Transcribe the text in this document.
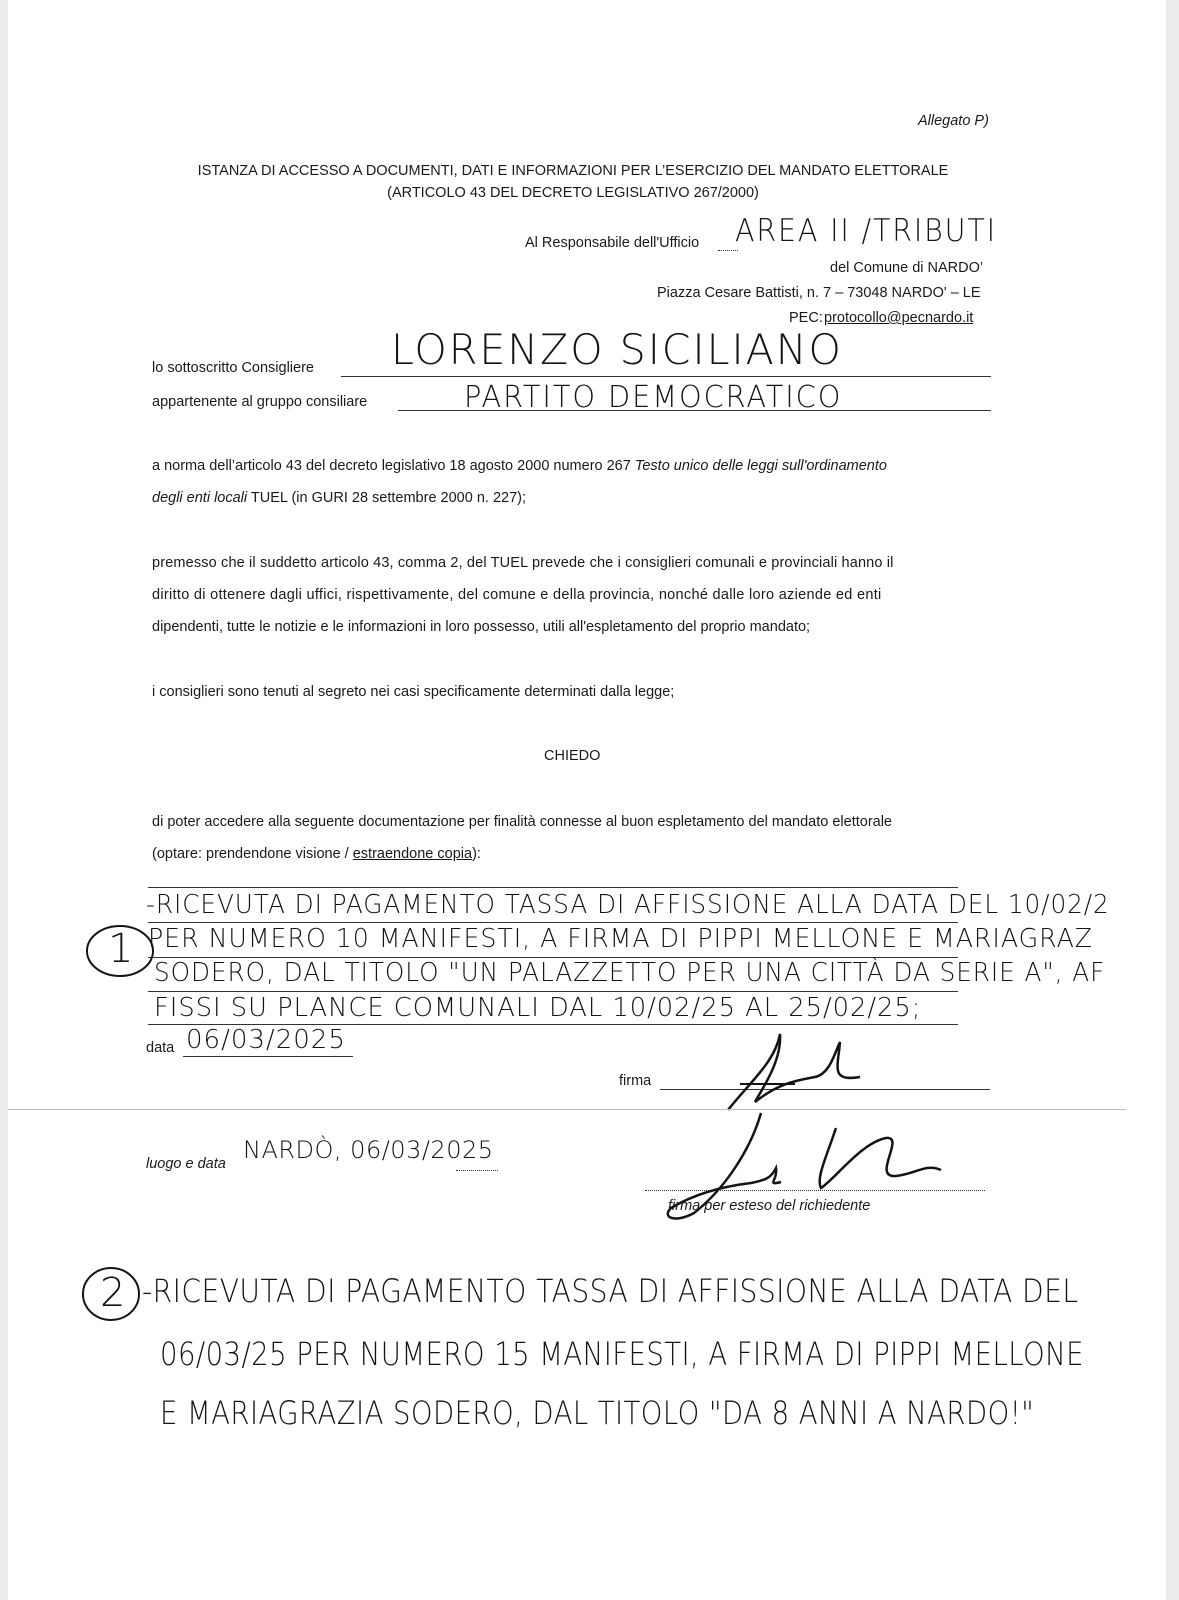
Allegato P)
ISTANZA DI ACCESSO A DOCUMENTI, DATI E INFORMAZIONI PER L’ESERCIZIO DEL MANDATO ELETTORALE
(ARTICOLO 43 DEL DECRETO LEGISLATIVO 267/2000)
Al Responsabile dell'Ufficio AREA II /TRIBUTI
del Comune di NARDO’
Piazza Cesare Battisti, n. 7 – 73048 NARDO' – LE
PEC: protocollo@pecnardo.it
lo sottoscritto Consigliere LORENZO SICILIANO
appartenente al gruppo consiliare	PARTITO DEMOCRATICO
a norma dell’articolo 43 del decreto legislativo 18 agosto 2000 numero 267 Testo unico delle leggi sull'ordinamento
degli enti locali TUEL (in GURI 28 settembre 2000 n. 227);
premesso che il suddetto articolo 43, comma 2, del TUEL prevede che i consiglieri comunali e provinciali hanno il
diritto di ottenere dagli uffici, rispettivamente, del comune e della provincia, nonché dalle loro aziende ed enti
dipendenti, tutte le notizie e le informazioni in loro possesso, utili all'espletamento del proprio mandato;
i consiglieri sono tenuti al segreto nei casi specificamente determinati dalla legge;
CHIEDO
di poter accedere alla seguente documentazione per finalità connesse al buon espletamento del mandato elettorale
(optare: prendendone visione / estraendone copia):
1
-RICEVUTA DI PAGAMENTO TASSA DI AFFISSIONE ALLA DATA DEL 10/02/2
PER NUMERO 10 MANIFESTI, A FIRMA DI PIPPI MELLONE E MARIAGRAZ
SODERO, DAL TITOLO "UN PALAZZETTO PER UNA CITTÀ DA SERIE A", AF
FISSI SU PLANCE COMUNALI DAL 10/02/25 AL 25/02/25;
data 06/03/2025
firma
luogo e data NARDÒ, 06/03/2025
firma per esteso del richiedente
2 -RICEVUTA DI PAGAMENTO TASSA DI AFFISSIONE ALLA DATA DEL
06/03/25 PER NUMERO 15 MANIFESTI, A FIRMA DI PIPPI MELLONE
E MARIAGRAZIA SODERO, DAL TITOLO "DA 8 ANNI A NARDO!"
